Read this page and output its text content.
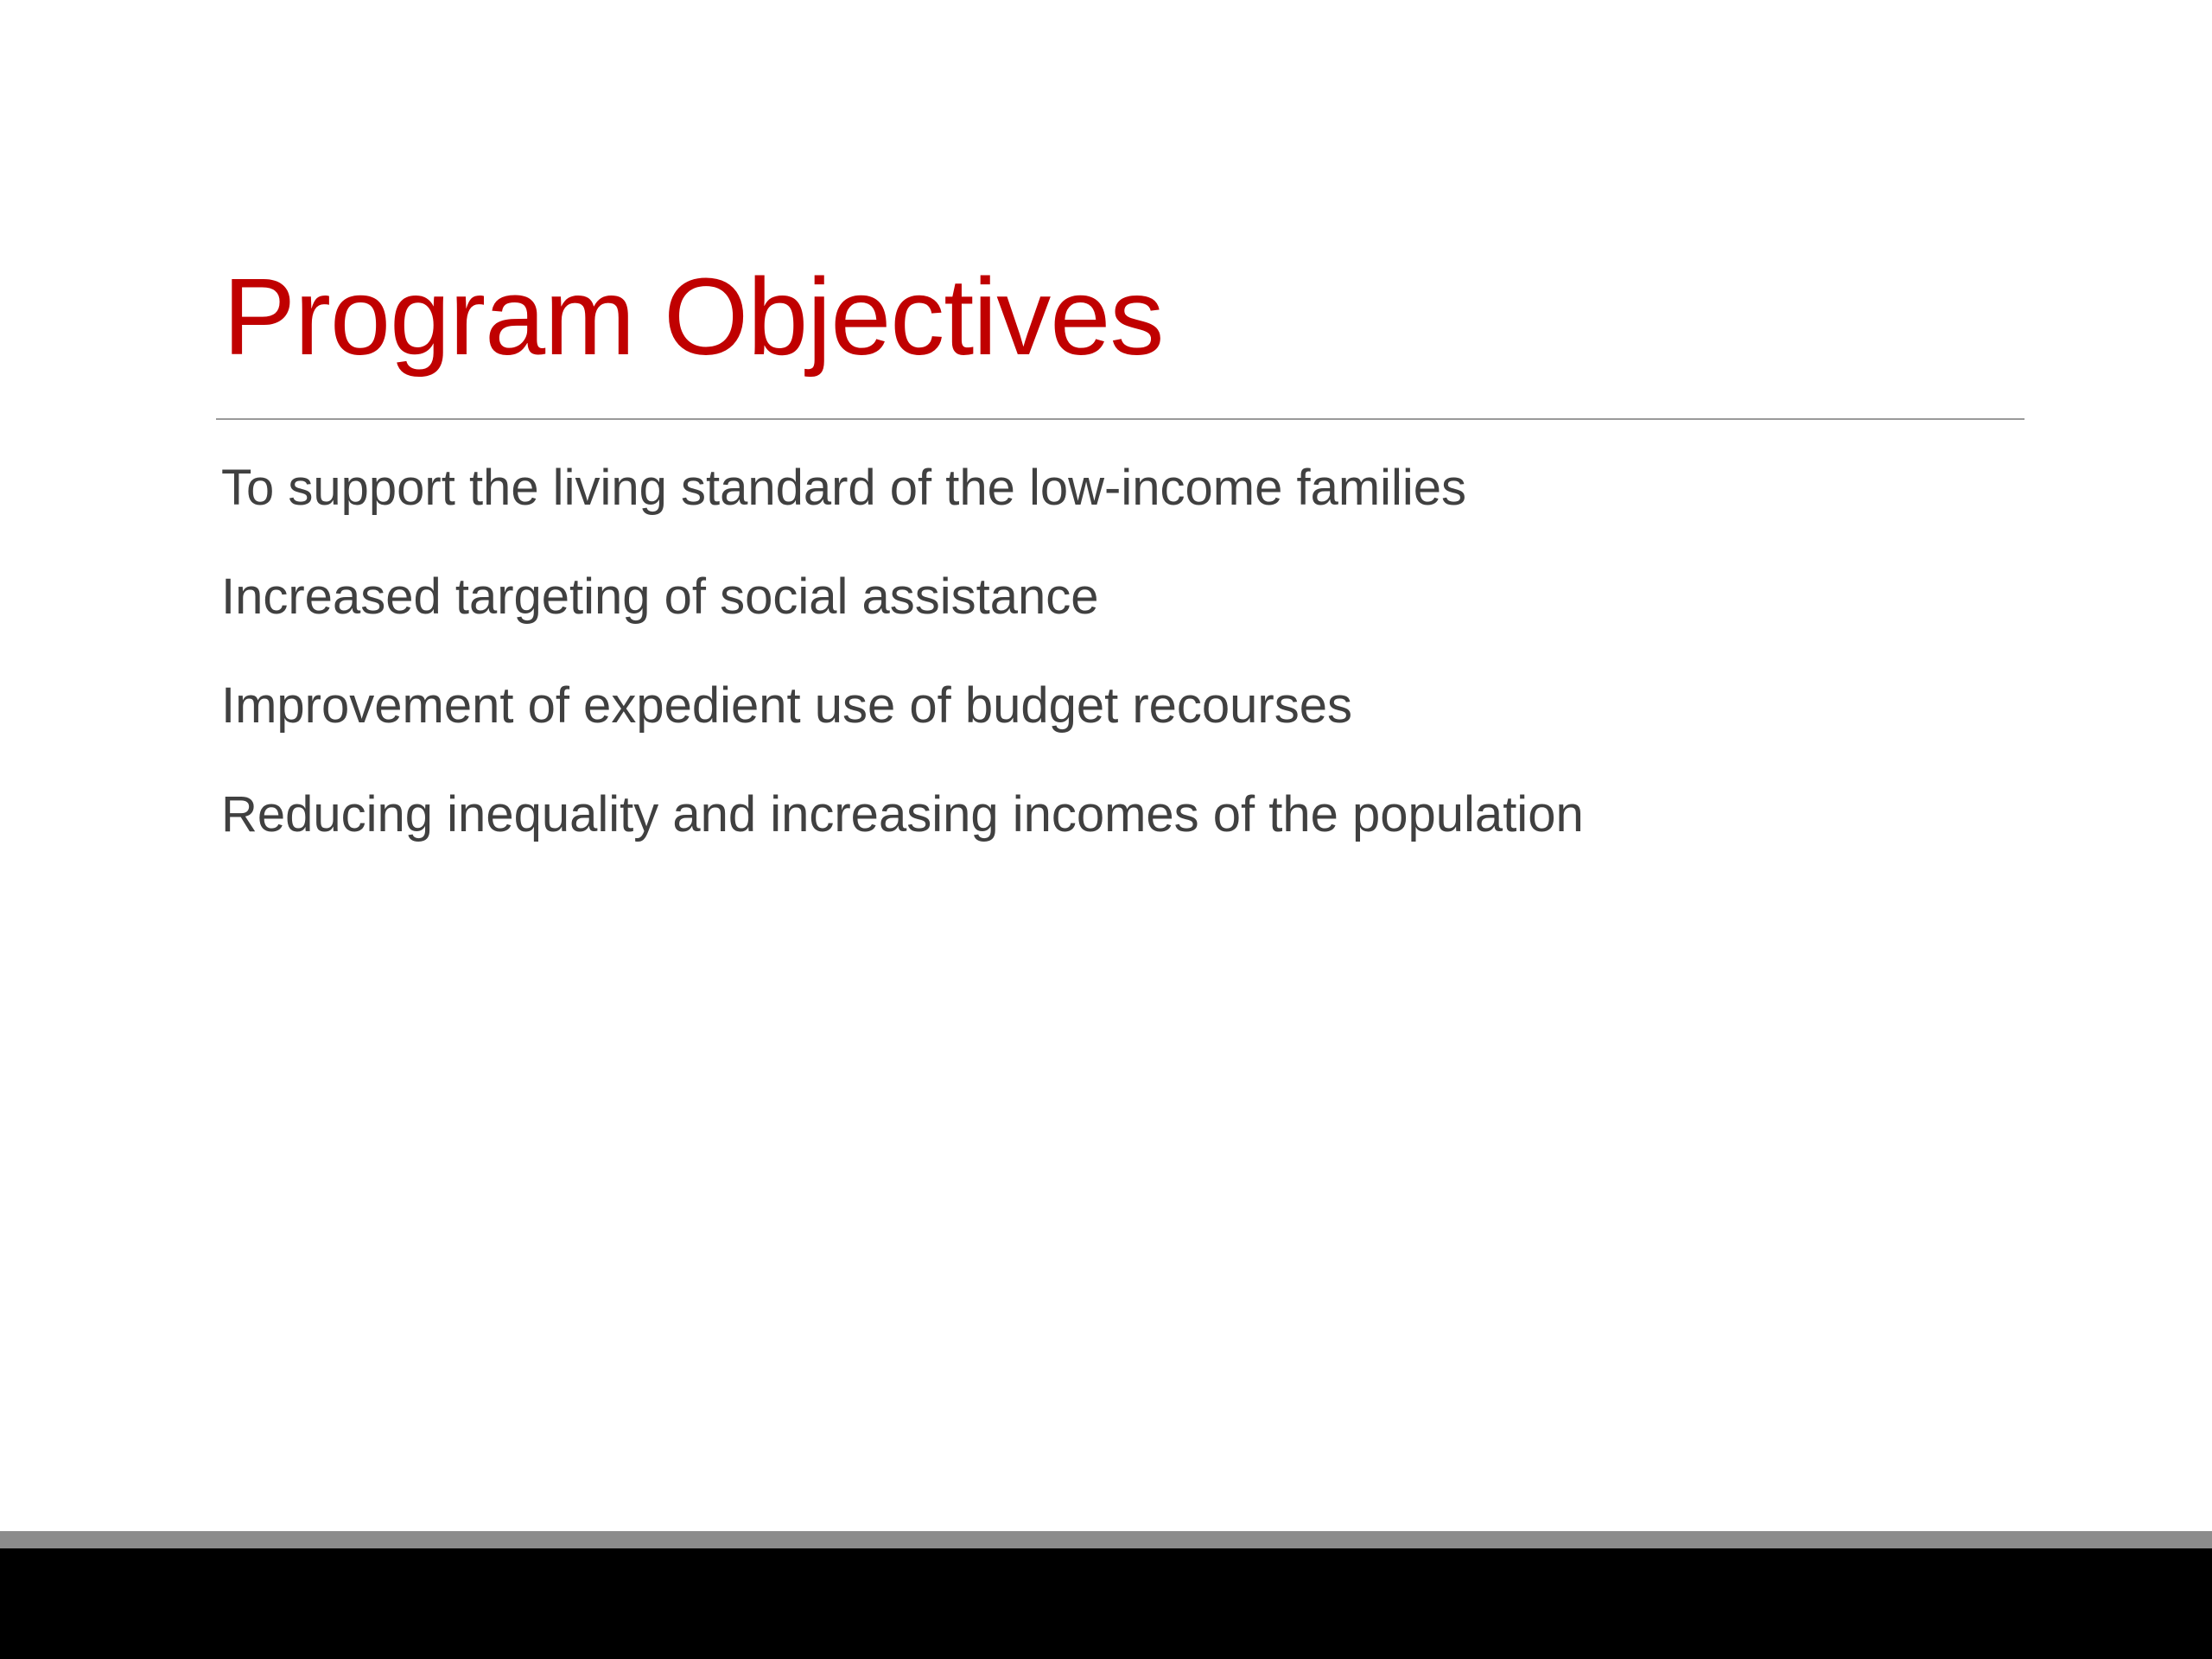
Program Objectives
To support the living standard of the low-income families
Increased targeting of social assistance
Improvement of expedient use of budget recourses
Reducing inequality and increasing incomes of the population
